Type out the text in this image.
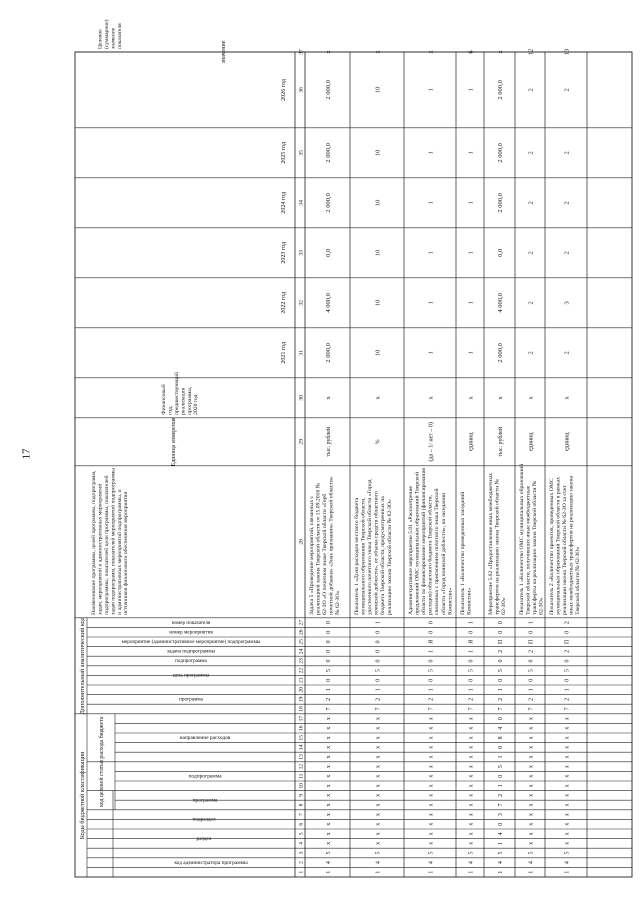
17
Коды бюджетной классификации
Дополнительный аналитический код
код администратора программы
раздел
подраздел
код целевой статьи расхода бюджета	программа
подпрограмма
направление расходов
программа
цель программы
подпрограмма
задача подпрограммы
мероприятие (административное мероприятие) подпрограммы
номер мероприятия
номер показателя
Наименование программы, целей программы, подпрограмм,задач, мероприятий и административных мероприятийподпрограммы, показателей цели программы, показателейзадач подпрограмм, показателей мероприятий подпрограммыи административных мероприятий подпрограммы, иисточников финансового обеспечения мероприятия
Единица измерения
Финансовыйгод,предшествующийреализациипрограммы,2020 год
2021 год
2022 год
2023 год
2024 год
2025 год
2026 год
Целевое(суммарное)значениепоказателя
значение
1
2
3
4
5
6
7
8
9
10
11
12
13
14
15
16
17
18
19
20
21
22
23
24
25
26
27
28
29
30
31
32
33
34
35
36
37
1
4
5
х
х
х
х
х
х
х
х
х
х
х
х
х
х
7
2
1
0
5
0
0
0
0
0
Задача 5 «Проведение мероприятий, связанных среализацией закона Тверской области от 15.09.2016 №62-ЗО «О почетном знаке Тверской области «Гербпочетной добавки» «Знак признания» Тверской области»№ 62-ЗО»
тыс. рублей
х
2 000,0
4 000,0
0,0
2 000,0
2 000,0
2 000,0
х
1
4
5
х
х
х
х
х
х
х
х
х
х
х
х
х
х
7
2
1
0
5
0
0
0
0
1
Показатель 1 «Доля расходов местного бюджетамуниципального образования Тверской области,удостоенного почетного знака Тверской области «Городвоинской доблести», от объема средств областногобюджета Тверской области, предусмотренных нареализацию закона Тверской области № 62-ЗО»
%
х
10
10
10
10
10
10
х
1
4
5
х
х
х
х
х
х
х
х
х
х
х
х
х
х
7
2
1
0
5
0
1
Я
0
0
Административное мероприятие 5.01 «Рассмотрениепредложений ОМС муниципальных образований Тверскойобласти по финансированию мероприятий (финансированиярасходов) областного бюджета Тверской области,связанных с присвоением почетного знака Тверскойобласти «Город воинской доблести», на заседанииКомиссии»
(да – 1/ нет – 0)
х
1
1
1
1
1
1
х
1
4
5
х
х
х
х
х
х
х
х
х
х
х
х
х
х
7
2
1
0
5
0
1
Я
0
1
Показатель 1 «Количество проведенных заседанийКомиссии»
единиц
х
1
1
1
1
1
1
6
1
4
5
1
4
0
3
7
2
1
0
5
1
0
8
4
0
7
2
1
0
5
0
2
П
0
0
Мероприятие 5.02 «Предоставление иных межбюджетныхтрансфертов на реализацию закона Тверской области №62-ЗО»
тыс. рублей
х
2 000,0
4 000,0
0,0
2 000,0
2 000,0
2 000,0
х
1
4
5
х
х
х
х
х
х
х
х
х
х
х
х
х
х
7
2
1
0
5
0
2
П
0
1
Показатель 1 «Количество ОМС муниципальных образованийТверской области, получивших иные межбюджетныетрансферты на реализацию закона Тверской области №62-ЗО»
единиц
х
2
2
2
2
2
2
12
1
4
5
х
х
х
х
х
х
х
х
х
х
х
х
х
х
7
2
1
0
5
0
2
П
0
2
Показатель 2 «Количество проектов, проведенных ОМСмуниципальных образований Тверской области в рамкахреализации закона Тверской области № 62-ЗО за счетиных межбюджетных трансфертов на реализацию законаТверской области № 62-ЗО»
единиц
х
2
3
2
2
2
2
13
